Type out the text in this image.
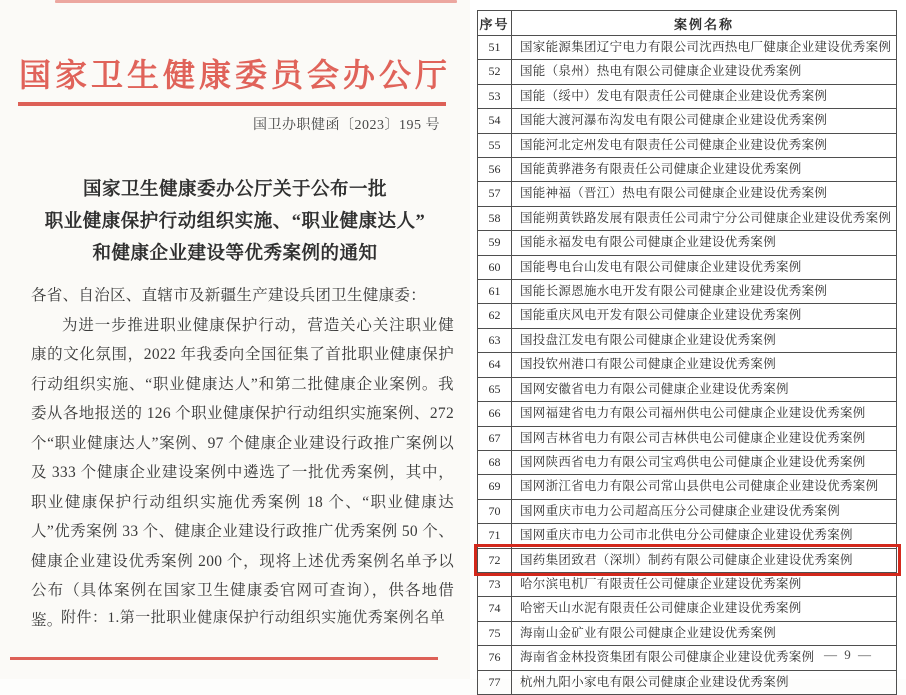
国家卫生健康委员会办公厅
国卫办职健函〔2023〕195 号
国家卫生健康委办公厅关于公布一批
职业健康保护行动组织实施、“职业健康达人”
和健康企业建设等优秀案例的通知

各省、自治区、直辖市及新疆生产建设兵团卫生健康委：

为进一步推进职业健康保护行动，营造关心关注职业健康的文化氛围，2022 年我委向全国征集了首批职业健康保护行动组织实施、“职业健康达人”和第二批健康企业案例。我委从各地报送的 126 个职业健康保护行动组织实施案例、272 个“职业健康达人”案例、97 个健康企业建设行政推广案例以及 333 个健康企业建设案例中遴选了一批优秀案例，其中，职业健康保护行动组织实施优秀案例 18 个、“职业健康达人”优秀案例 33 个、健康企业建设行政推广优秀案例 50 个、健康企业建设优秀案例 200 个，现将上述优秀案例名单予以公布（具体案例在国家卫生健康委官网可查询），供各地借鉴。

附件：1.第一批职业健康保护行动组织实施优秀案例名单
序号	案例名称
51	国家能源集团辽宁电力有限公司沈西热电厂健康企业建设优秀案例
52	国能（泉州）热电有限公司健康企业建设优秀案例
53	国能（绥中）发电有限责任公司健康企业建设优秀案例
54	国能大渡河瀑布沟发电有限公司健康企业建设优秀案例
55	国能河北定州发电有限责任公司健康企业建设优秀案例
56	国能黄骅港务有限责任公司健康企业建设优秀案例
57	国能神福（晋江）热电有限公司健康企业建设优秀案例
58	国能朔黄铁路发展有限责任公司肃宁分公司健康企业建设优秀案例
59	国能永福发电有限公司健康企业建设优秀案例
60	国能粤电台山发电有限公司健康企业建设优秀案例
61	国能长源恩施水电开发有限公司健康企业建设优秀案例
62	国能重庆风电开发有限公司健康企业建设优秀案例
63	国投盘江发电有限公司健康企业建设优秀案例
64	国投钦州港口有限公司健康企业建设优秀案例
65	国网安徽省电力有限公司健康企业建设优秀案例
66	国网福建省电力有限公司福州供电公司健康企业建设优秀案例
67	国网吉林省电力有限公司吉林供电公司健康企业建设优秀案例
68	国网陕西省电力有限公司宝鸡供电公司健康企业建设优秀案例
69	国网浙江省电力有限公司常山县供电公司健康企业建设优秀案例
70	国网重庆市电力公司超高压分公司健康企业建设优秀案例
71	国网重庆市电力公司市北供电分公司健康企业建设优秀案例
72	国药集团致君（深圳）制药有限公司健康企业建设优秀案例
73	哈尔滨电机厂有限责任公司健康企业建设优秀案例
74	哈密天山水泥有限责任公司健康企业建设优秀案例
75	海南山金矿业有限公司健康企业建设优秀案例
76	海南省金林投资集团有限公司健康企业建设优秀案例
77	杭州九阳小家电有限公司健康企业建设优秀案例
— 9 —
